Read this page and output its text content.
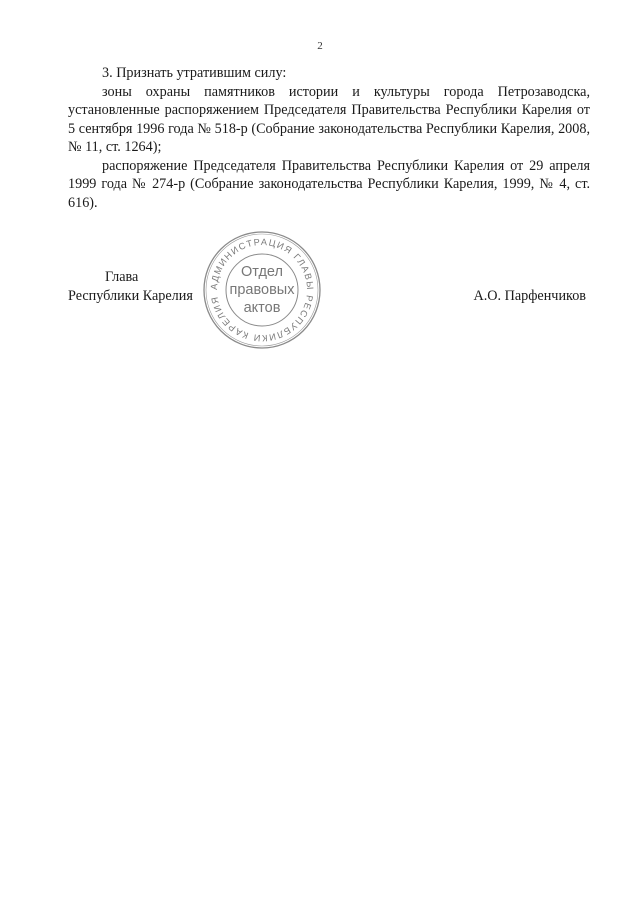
2

3. Признать утратившим силу:

зоны охраны памятников истории и культуры города Петрозаводска, установленные распоряжением Председателя Правительства Республики Карелия от 5 сентября 1996 года № 518-р (Собрание законодательства Республики Карелия, 2008, № 11, ст. 1264);

распоряжение Председателя Правительства Республики Карелия от 29 апреля 1999 года № 274-р (Собрание законодательства Республики Карелия, 1999, № 4, ст. 616).

Глава
Республики Карелия
АДМИНИСТРАЦИЯ ГЛАВЫ РЕСПУБЛИКИ КАРЕЛИЯ
Отдел
правовых
актов
А.О. Парфенчиков
